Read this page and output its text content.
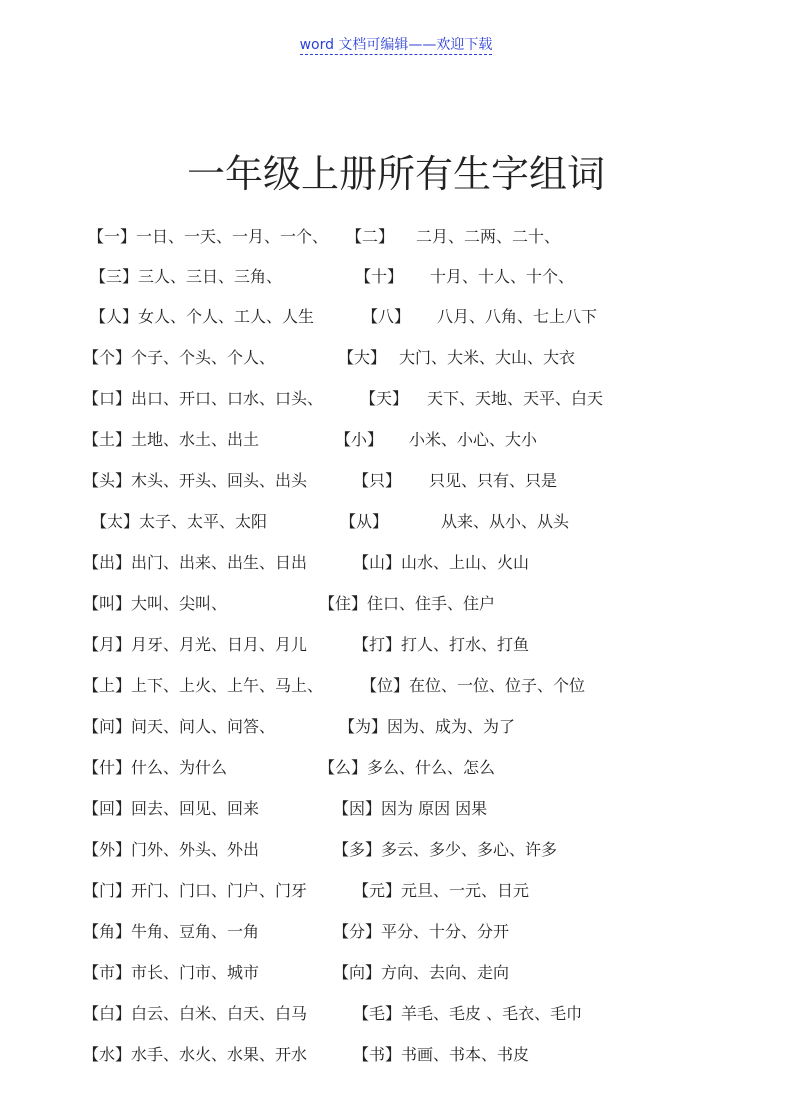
word 文档可编辑——欢迎下载
一年级上册所有生字组词
【一】一日、一天、一月、一个、 【二】 二月、二两、二十、
【三】三人、三日、三角、	【十】 十月、十人、十个、
【人】女人、个人、工人、人生	【八】 八月、八角、七上八下
【个】个子、个头、个人、	【大】 大门、大米、大山、大衣
【口】出口、开口、口水、口头、 【天】 天下、天地、天平、白天
【土】土地、水土、出土	【小】 小米、小心、大小
【头】木头、开头、回头、出头	【只】 只见、只有、只是
【太】太子、太平、太阳	【从】	从来、从小、从头
【出】出门、出来、出生、日出	【山】山水、上山、火山
【叫】大叫、尖叫、	【住】住口、住手、住户
【月】月牙、月光、日月、月儿	【打】打人、打水、打鱼
【上】上下、上火、上午、马上、 【位】在位、一位、位子、个位
【问】问天、问人、问答、	【为】因为、成为、为了
【什】什么、为什么	【么】多么、什么、怎么
【回】回去、回见、回来	【因】因为 原因 因果
【外】门外、外头、外出	【多】多云、多少、多心、许多
【门】开门、门口、门户、门牙	【元】元旦、一元、日元
【角】牛角、豆角、一角	【分】平分、十分、分开
【市】市长、门市、城市	【向】方向、去向、走向
【白】白云、白米、白天、白马	【毛】羊毛、毛皮 、毛衣、毛巾
【水】水手、水火、水果、开水	【书】书画、书本、书皮
